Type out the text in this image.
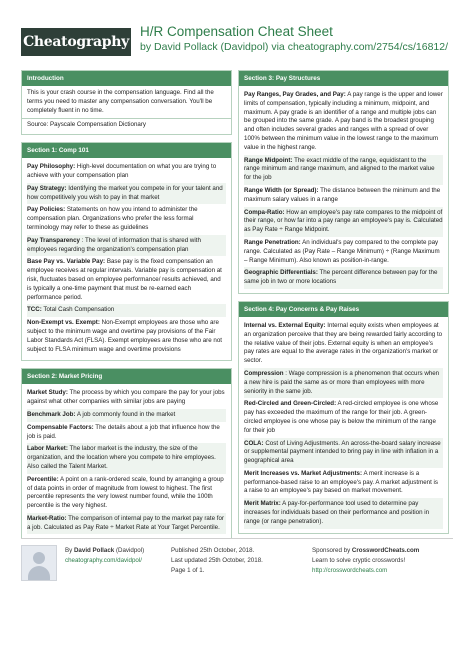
Cheatography
H/R Compensation Cheat Sheet
by David Pollack (Davidpol) via cheatography.com/2754/cs/16812/
Introduction
This is your crash course in the compensation language. Find all the terms you need to master any compensation conversation. You'll be completely fluent in no time.
Source: Payscale Compensation Dictionary
Section 1: Comp 101
Pay Philosophy: High-level documentation on what you are trying to achieve with your compensation plan
Pay Strategy: Identifying the market you compete in for your talent and how competitively you wish to pay in that market
Pay Policies: Statements on how you intend to administer the compensation plan. Organizations who prefer the less formal terminology may refer to these as guidelines
Pay Transparency : The level of information that is shared with employees regarding the organization's compensation plan
Base Pay vs. Variable Pay: Base pay is the fixed compensation an employee receives at regular intervals. Variable pay is compensation at risk, fluctuates based on employee performance/ results achieved, and is typically a one-time payment that must be re-earned each performance period.
TCC: Total Cash Compensation
Non-Exempt vs. Exempt: Non-Exempt employees are those who are subject to the minimum wage and overtime pay provisions of the Fair Labor Standards Act (FLSA). Exempt employees are those who are not subject to FLSA minimum wage and overtime provisions
Section 2: Market Pricing
Market Study: The process by which you compare the pay for your jobs against what other companies with similar jobs are paying
Benchmark Job: A job commonly found in the market
Compensable Factors: The details about a job that influence how the job is paid.
Labor Market: The labor market is the industry, the size of the organization, and the location where you compete to hire employees. Also called the Talent Market.
Percentile: A point on a rank-ordered scale, found by arranging a group of data points in order of magnitude from lowest to highest. The first percentile represents the very lowest number found, while the 100th percentile is the very highest.
Market-Ratio: The comparison of internal pay to the market pay rate for a job. Calculated as Pay Rate ÷ Market Rate at Your Target Percentile.
Section 3: Pay Structures
Pay Ranges, Pay Grades, and Pay: A pay range is the upper and lower limits of compensation, typically including a minimum, midpoint, and maximum. A pay grade is an identifier of a range and multiple jobs can be grouped into the same grade. A pay band is the broadest grouping and often includes several grades and ranges with a spread of over 100% between the minimum value in the lowest range to the maximum value in the highest range.
Range Midpoint: The exact middle of the range, equidistant to the range minimum and range maximum, and aligned to the market value for the job
Range Width (or Spread): The distance between the minimum and the maximum salary values in a range
Compa-Ratio: How an employee's pay rate compares to the midpoint of their range, or how far into a pay range an employee's pay is. Calculated as Pay Rate ÷ Range Midpoint.
Range Penetration: An individual's pay compared to the complete pay range. Calculated as (Pay Rate – Range Minimum) ÷ (Range Maximum – Range Minimum). Also known as position-in-range.
Geographic Differentials: The percent difference between pay for the same job in two or more locations
Section 4: Pay Concerns & Pay Raises
Internal vs. External Equity: Internal equity exists when employees at an organization perceive that they are being rewarded fairly according to the relative value of their jobs. External equity is when an employee's pay rates are equal to the average rates in the organization's market or sector.
Compression : Wage compression is a phenomenon that occurs when a new hire is paid the same as or more than employees with more seniority in the same job.
Red-Circled and Green-Circled: A red-circled employee is one whose pay has exceeded the maximum of the range for their job. A green-circled employee is one whose pay is below the minimum of the range for their job
COLA: Cost of Living Adjustments. An across-the-board salary increase or supplemental payment intended to bring pay in line with inflation in a geographical area
Merit Increases vs. Market Adjustments: A merit increase is a performance-based raise to an employee's pay. A market adjustment is a raise to an employee's pay based on market movement.
Merit Matrix: A pay-for-performance tool used to determine pay increases for individuals based on their performance and position in range (or range penetration).
By David Pollack (Davidpol)
cheatography.com/davidpol/
Published 25th October, 2018.
Last updated 25th October, 2018.
Page 1 of 1.
Sponsored by CrosswordCheats.com
Learn to solve cryptic crosswords!
http://crosswordcheats.com
